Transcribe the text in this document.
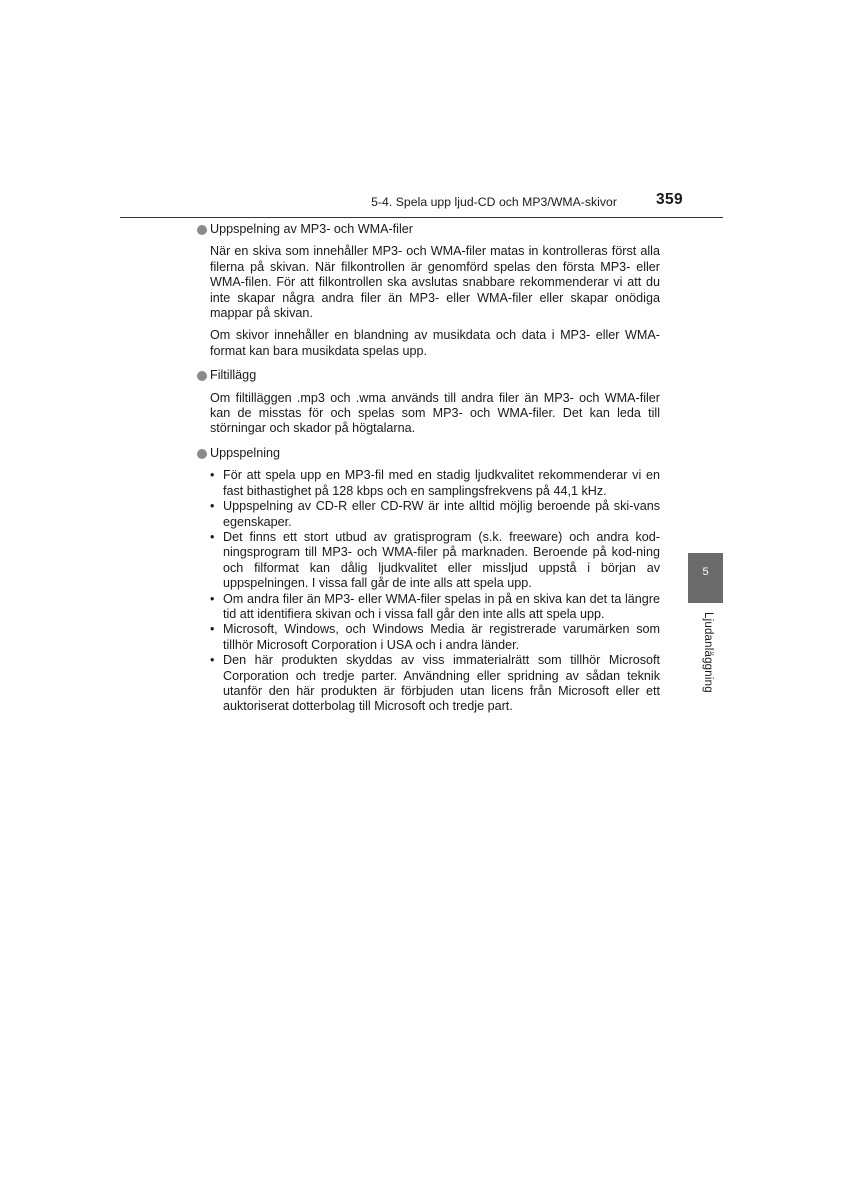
5-4. Spela upp ljud-CD och MP3/WMA-skivor	359
Uppspelning av MP3- och WMA-filer

När en skiva som innehåller MP3- och WMA-filer matas in kontrolleras först alla filerna på skivan. När filkontrollen är genomförd spelas den första MP3- eller WMA-filen. För att filkontrollen ska avslutas snabbare rekommenderar vi att du inte skapar några andra filer än MP3- eller WMA-filer eller skapar onödiga mappar på skivan.

Om skivor innehåller en blandning av musikdata och data i MP3- eller WMA-format kan bara musikdata spelas upp.

Filtillägg

Om filtilläggen .mp3 och .wma används till andra filer än MP3- och WMA-filer kan de misstas för och spelas som MP3- och WMA-filer. Det kan leda till störningar och skador på högtalarna.

Uppspelning
• För att spela upp en MP3-fil med en stadig ljudkvalitet rekommenderar vi en fast bithastighet på 128 kbps och en samplingsfrekvens på 44,1 kHz.
• Uppspelning av CD-R eller CD-RW är inte alltid möjlig beroende på ski-vans egenskaper.
• Det finns ett stort utbud av gratisprogram (s.k. freeware) och andra kod-ningsprogram till MP3- och WMA-filer på marknaden. Beroende på kod-ning och filformat kan dålig ljudkvalitet eller missljud uppstå i början av uppspelningen. I vissa fall går de inte alls att spela upp.
• Om andra filer än MP3- eller WMA-filer spelas in på en skiva kan det ta längre tid att identifiera skivan och i vissa fall går den inte alls att spela upp.
• Microsoft, Windows, och Windows Media är registrerade varumärken som tillhör Microsoft Corporation i USA och i andra länder.
• Den här produkten skyddas av viss immaterialrätt som tillhör Microsoft Corporation och tredje parter. Användning eller spridning av sådan teknik utanför den här produkten är förbjuden utan licens från Microsoft eller ett auktoriserat dotterbolag till Microsoft och tredje part.
5
Ljudanläggning
